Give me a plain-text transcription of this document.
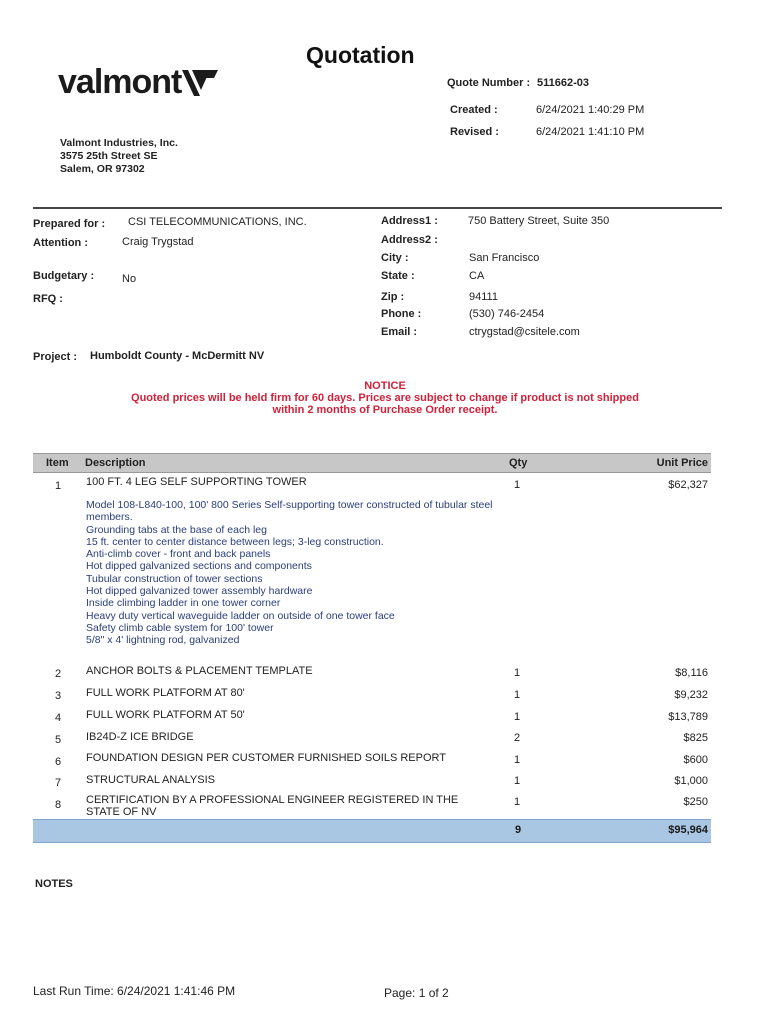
valmont
Quotation
Quote Number : 511662-03
Created :	6/24/2021 1:40:29 PM
Revised :	6/24/2021 1:41:10 PM
Valmont Industries, Inc.
3575 25th Street SE
Salem, OR 97302
Prepared for : CSI TELECOMMUNICATIONS, INC.
Attention :	Craig Trygstad
Budgetary :	No
RFQ :
Address1 :	750 Battery Street, Suite 350
Address2 :
City :	San Francisco
State :	CA
Zip :	94111
Phone :	(530) 746-2454
Email :	ctrygstad@csitele.com
Project : Humboldt County - McDermitt NV
NOTICE
Quoted prices will be held firm for 60 days. Prices are subject to change if product is not shipped
within 2 months of Purchase Order receipt.
Item Description	Qty	Unit Price
1 100 FT. 4 LEG SELF SUPPORTING TOWER	1	$62,327
Model 108-L840-100, 100' 800 Series Self-supporting tower constructed of tubular steel
members.
Grounding tabs at the base of each leg
15 ft. center to center distance between legs; 3-leg construction.
Anti-climb cover - front and back panels
Hot dipped galvanized sections and components
Tubular construction of tower sections
Hot dipped galvanized tower assembly hardware
Inside climbing ladder in one tower corner
Heavy duty vertical waveguide ladder on outside of one tower face
Safety climb cable system for 100' tower
5/8" x 4' lightning rod, galvanized
2 ANCHOR BOLTS & PLACEMENT TEMPLATE	1	$8,116
3 FULL WORK PLATFORM AT 80'	1	$9,232
4 FULL WORK PLATFORM AT 50'	1	$13,789
5 IB24D-Z ICE BRIDGE	2	$825
6 FOUNDATION DESIGN PER CUSTOMER FURNISHED SOILS REPORT	1	$600
7 STRUCTURAL ANALYSIS	1	$1,000
8 CERTIFICATION BY A PROFESSIONAL ENGINEER REGISTERED IN THE
STATE OF NV
1	$250
9	$95,964
NOTES
Last Run Time: 6/24/2021 1:41:46 PM	Page: 1 of 2
